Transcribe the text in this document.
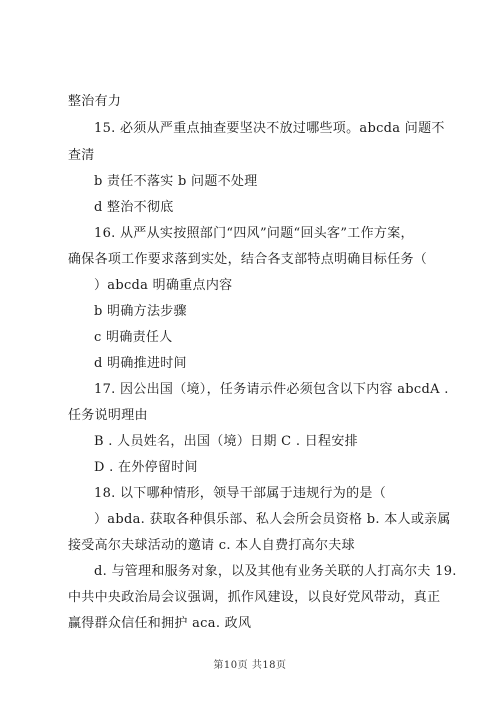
整治有力
15. 必须从严重点抽查要坚决不放过哪些项。abcda 问题不
查清
b 责任不落实 b 问题不处理
d 整治不彻底
16. 从严从实按照部门“四风”问题“回头客”工作方案，
确保各项工作要求落到实处，结合各支部特点明确目标任务（
）abcda 明确重点内容
b 明确方法步骤
c 明确责任人
d 明确推进时间
17. 因公出国（境），任务请示件必须包含以下内容 abcdA .
任务说明理由
B . 人员姓名，出国（境）日期 C . 日程安排
D . 在外停留时间
18. 以下哪种情形，领导干部属于违规行为的是（
）abda. 获取各种俱乐部、私人会所会员资格 b. 本人或亲属
接受高尔夫球活动的邀请 c. 本人自费打高尔夫球
d. 与管理和服务对象，以及其他有业务关联的人打高尔夫 19.
中共中央政治局会议强调，抓作风建设，以良好党风带动，真正
赢得群众信任和拥护 aca. 政风
第10页 共18页
